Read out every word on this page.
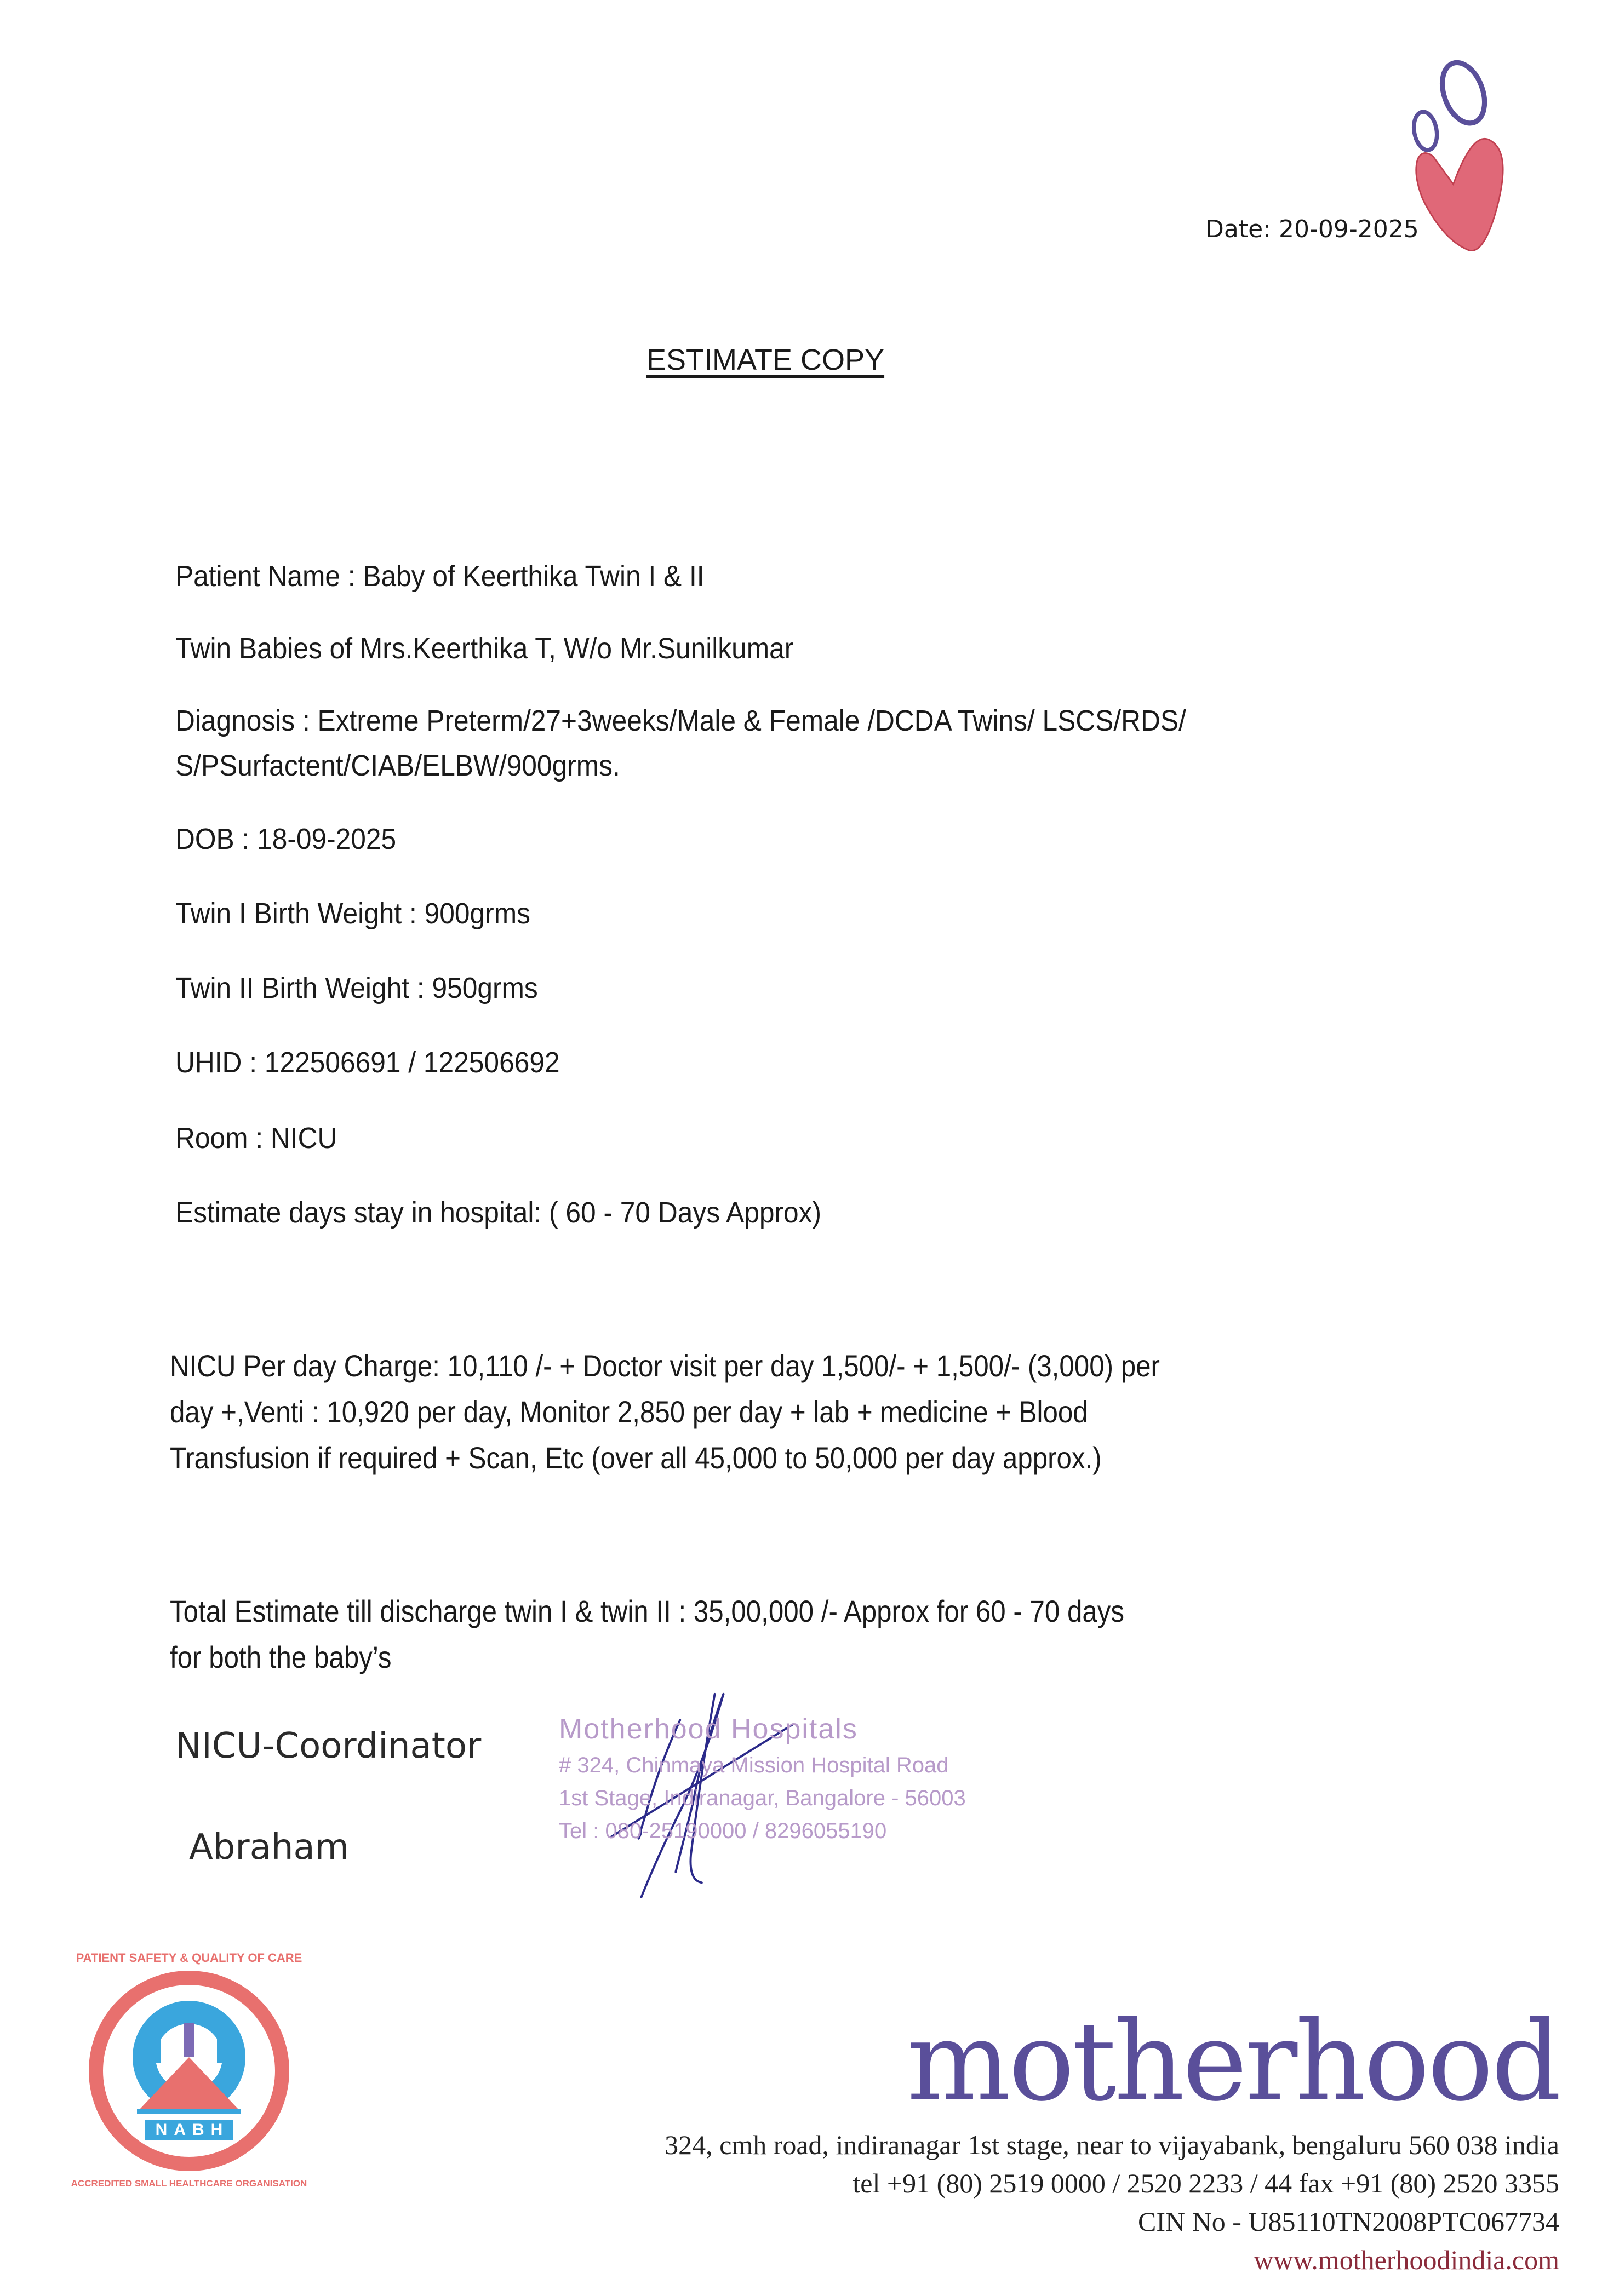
Date: 20-09-2025
ESTIMATE COPY
Patient Name : Baby of Keerthika Twin I & II
Twin Babies of Mrs.Keerthika T, W/o Mr.Sunilkumar
Diagnosis : Extreme Preterm/27+3weeks/Male & Female /DCDA Twins/ LSCS/RDS/
S/PSurfactent/CIAB/ELBW/900grms.
DOB : 18-09-2025
Twin I Birth Weight : 900grms
Twin II Birth Weight : 950grms
UHID : 122506691 / 122506692
Room : NICU
Estimate days stay in hospital: ( 60 - 70 Days Approx)
NICU Per day Charge: 10,110 /- + Doctor visit per day 1,500/- + 1,500/- (3,000) per
day +,Venti : 10,920 per day, Monitor 2,850 per day + lab + medicine + Blood
Transfusion if required + Scan, Etc (over all 45,000 to 50,000 per day approx.)
Total Estimate till discharge twin I & twin II : 35,00,000 /- Approx for 60 - 70 days
for both the baby’s
NICU-Coordinator
Abraham
Motherhood Hospitals
# 324, Chinmaya Mission Hospital Road
1st Stage, Indiranagar, Bangalore - 56003
Tel : 080-25190000 / 8296055190
PATIENT SAFETY & QUALITY OF CARE
NABH
ACCREDITED SMALL HEALTHCARE ORGANISATION
motherhood
324, cmh road, indiranagar 1st stage, near to vijayabank, bengaluru 560 038 india
tel +91 (80) 2519 0000 / 2520 2233 / 44 fax +91 (80) 2520 3355
CIN No - U85110TN2008PTC067734
www.motherhoodindia.com
